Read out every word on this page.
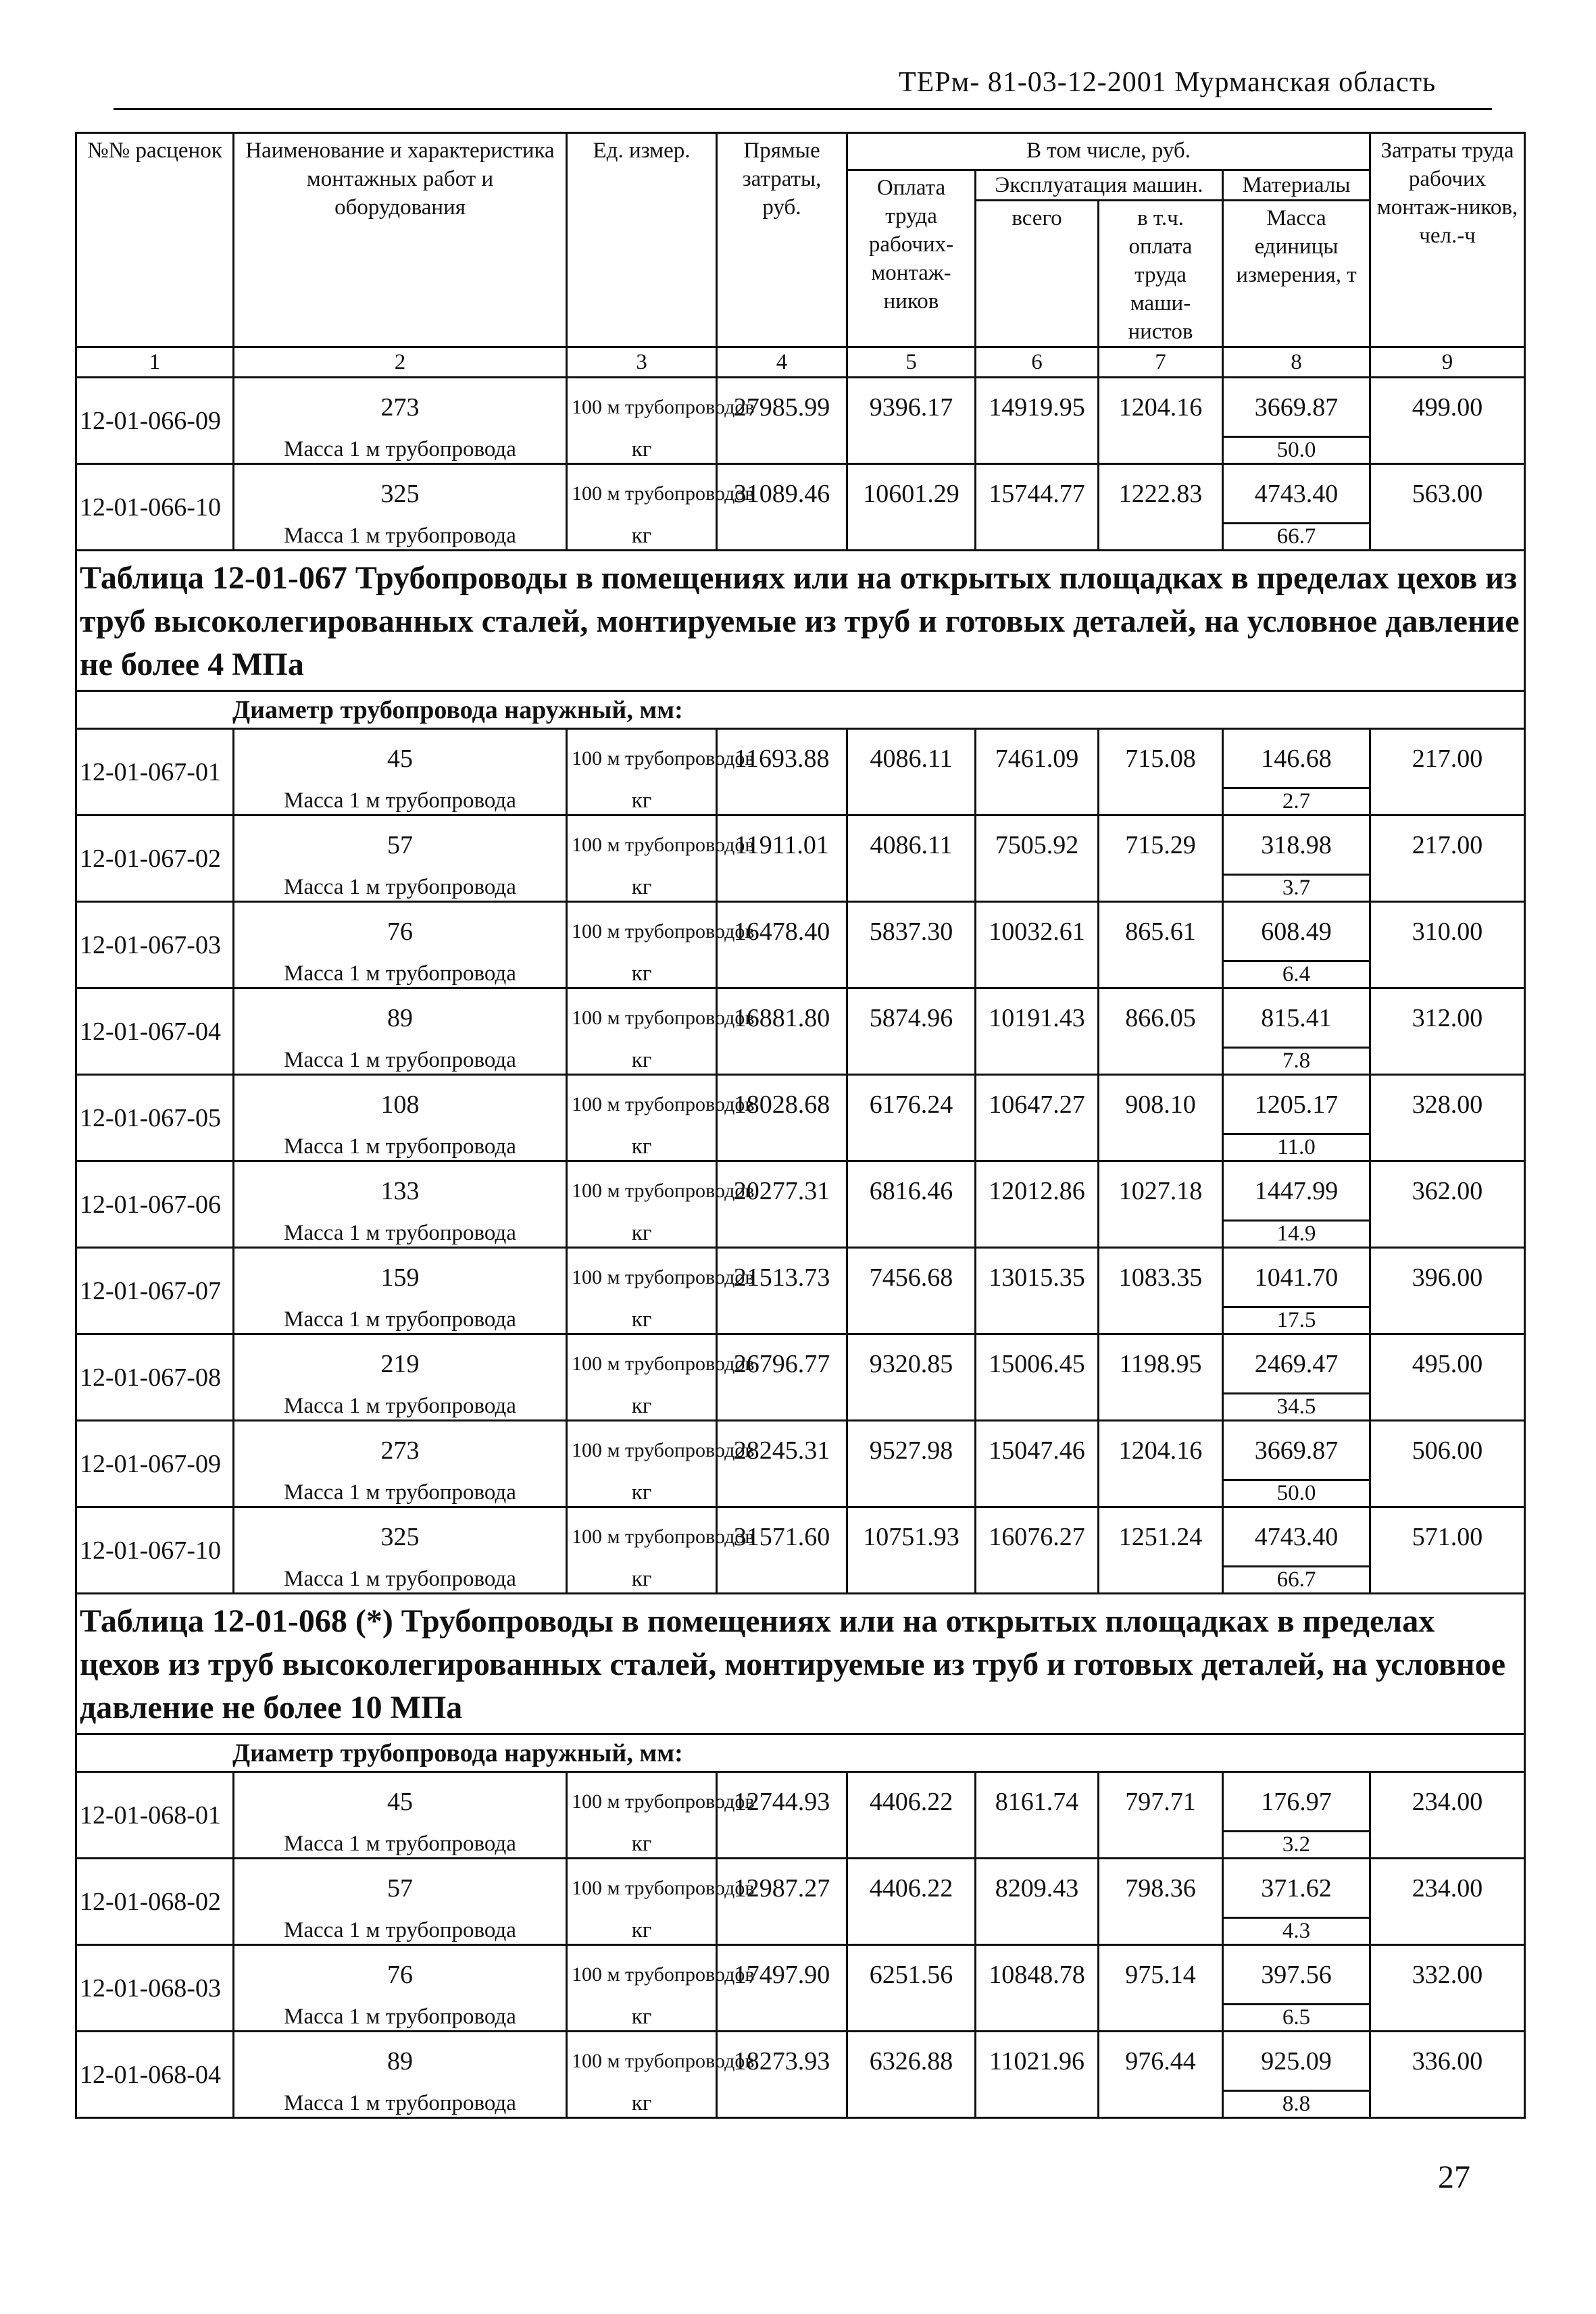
ТЕРм- 81-03-12-2001 Мурманская область
№№ расценок	Наименование и характеристика монтажных работ и оборудования	Ед. измер.	Прямые затраты, руб.	В том числе, руб.				Затраты труда рабочих монтаж-ников, чел.-ч
				Оплата труда рабочих-монтаж-ников	Эксплуатация машин.		Материалы	
					всего	в т.ч. оплата труда маши-нистов	Масса единицы измерения, т	
1	2	3	4	5	6	7	8	9
12-01-066-09	273	100 м трубопроводов	27985.99	9396.17	14919.95	1204.16	3669.87	499.00
	Масса 1 м трубопровода	кг					50.0	
12-01-066-10	325	100 м трубопроводов	31089.46	10601.29	15744.77	1222.83	4743.40	563.00
	Масса 1 м трубопровода	кг					66.7	
Таблица 12-01-067 Трубопроводы в помещениях или на открытых площадках в пределах цехов из труб высоколегированных сталей, монтируемые из труб и готовых деталей, на условное давление не более 4 МПа								
Диаметр трубопровода наружный, мм:								
12-01-067-01	45	100 м трубопроводов	11693.88	4086.11	7461.09	715.08	146.68	217.00
	Масса 1 м трубопровода	кг					2.7	
12-01-067-02	57	100 м трубопроводов	11911.01	4086.11	7505.92	715.29	318.98	217.00
	Масса 1 м трубопровода	кг					3.7	
12-01-067-03	76	100 м трубопроводов	16478.40	5837.30	10032.61	865.61	608.49	310.00
	Масса 1 м трубопровода	кг					6.4	
12-01-067-04	89	100 м трубопроводов	16881.80	5874.96	10191.43	866.05	815.41	312.00
	Масса 1 м трубопровода	кг					7.8	
12-01-067-05	108	100 м трубопроводов	18028.68	6176.24	10647.27	908.10	1205.17	328.00
	Масса 1 м трубопровода	кг					11.0	
12-01-067-06	133	100 м трубопроводов	20277.31	6816.46	12012.86	1027.18	1447.99	362.00
	Масса 1 м трубопровода	кг					14.9	
12-01-067-07	159	100 м трубопроводов	21513.73	7456.68	13015.35	1083.35	1041.70	396.00
	Масса 1 м трубопровода	кг					17.5	
12-01-067-08	219	100 м трубопроводов	26796.77	9320.85	15006.45	1198.95	2469.47	495.00
	Масса 1 м трубопровода	кг					34.5	
12-01-067-09	273	100 м трубопроводов	28245.31	9527.98	15047.46	1204.16	3669.87	506.00
	Масса 1 м трубопровода	кг					50.0	
12-01-067-10	325	100 м трубопроводов	31571.60	10751.93	16076.27	1251.24	4743.40	571.00
	Масса 1 м трубопровода	кг					66.7	
Таблица 12-01-068 (*) Трубопроводы в помещениях или на открытых площадках в пределах цехов из труб высоколегированных сталей, монтируемые из труб и готовых деталей, на условное давление не более 10 МПа								
Диаметр трубопровода наружный, мм:								
12-01-068-01	45	100 м трубопроводов	12744.93	4406.22	8161.74	797.71	176.97	234.00
	Масса 1 м трубопровода	кг					3.2	
12-01-068-02	57	100 м трубопроводов	12987.27	4406.22	8209.43	798.36	371.62	234.00
	Масса 1 м трубопровода	кг					4.3	
12-01-068-03	76	100 м трубопроводов	17497.90	6251.56	10848.78	975.14	397.56	332.00
	Масса 1 м трубопровода	кг					6.5	
12-01-068-04	89	100 м трубопроводов	18273.93	6326.88	11021.96	976.44	925.09	336.00
	Масса 1 м трубопровода	кг					8.8	
27
